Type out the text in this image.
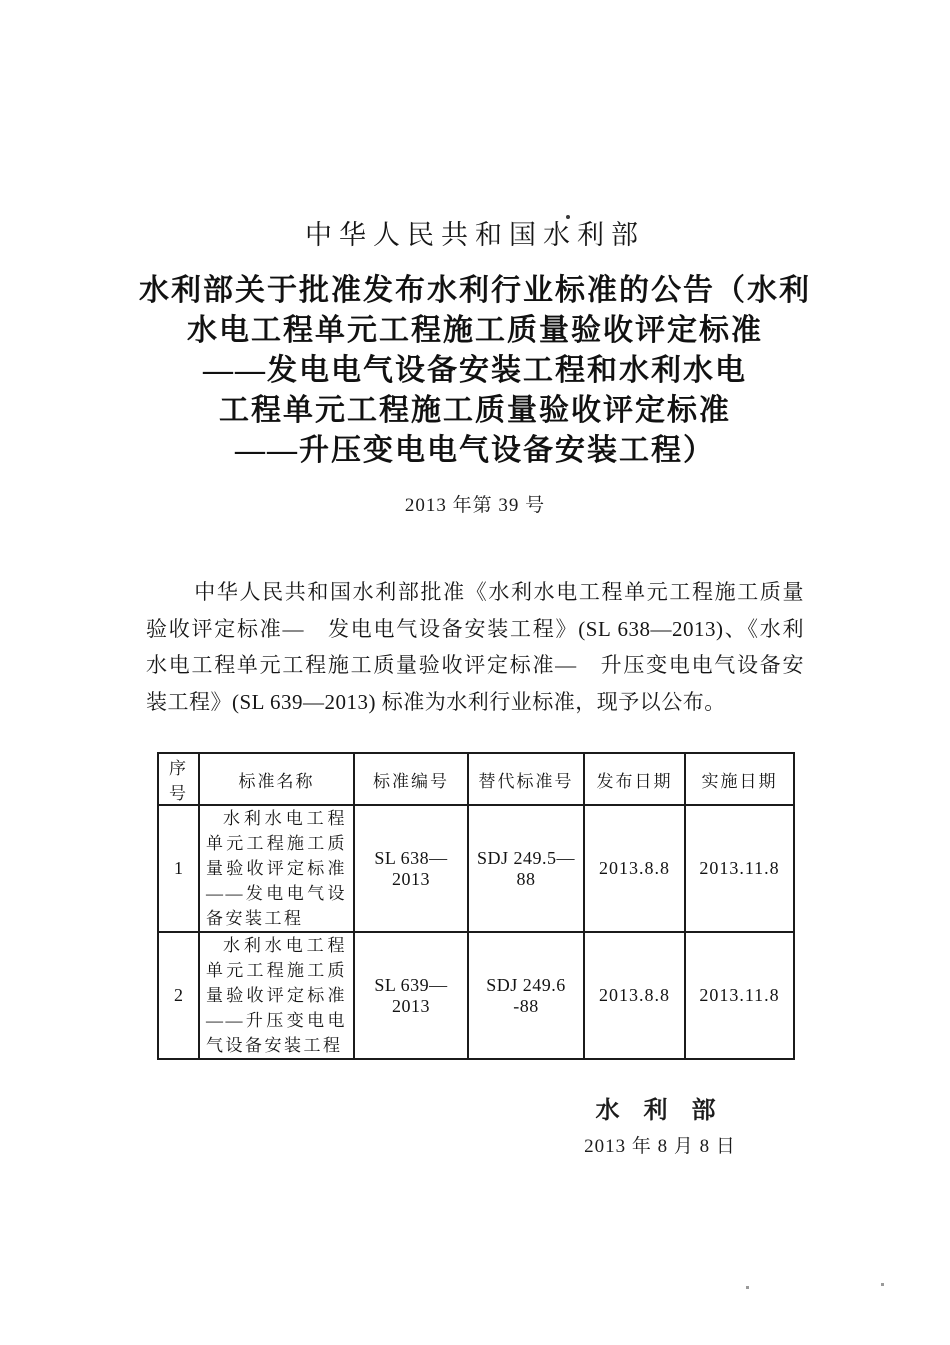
中华人民共和国水利部
水利部关于批准发布水利行业标准的公告（水利
水电工程单元工程施工质量验收评定标准
——发电电气设备安装工程和水利水电
工程单元工程施工质量验收评定标准
——升压变电电气设备安装工程）
2013 年第 39 号
中华人民共和国水利部批准《水利水电工程单元工程施工质量
验收评定标准—　发电电气设备安装工程》(SL 638—2013)、《水利
水电工程单元工程施工质量验收评定标准—　升压变电电气设备安
装工程》(SL 639—2013) 标准为水利行业标准，现予以公布。
序号	标准名称	标准编号	替代标准号	发布日期	实施日期
1	水利水电工程单元工程施工质量验收评定标准——发电电气设备安装工程	SL 638—2013	SDJ 249.5—88	2013.8.8	2013.11.8
2	水利水电工程单元工程施工质量验收评定标准——升压变电电气设备安装工程	SL 639—2013	SDJ 249.6 -88	2013.8.8	2013.11.8
水 利 部
2013 年 8 月 8 日
